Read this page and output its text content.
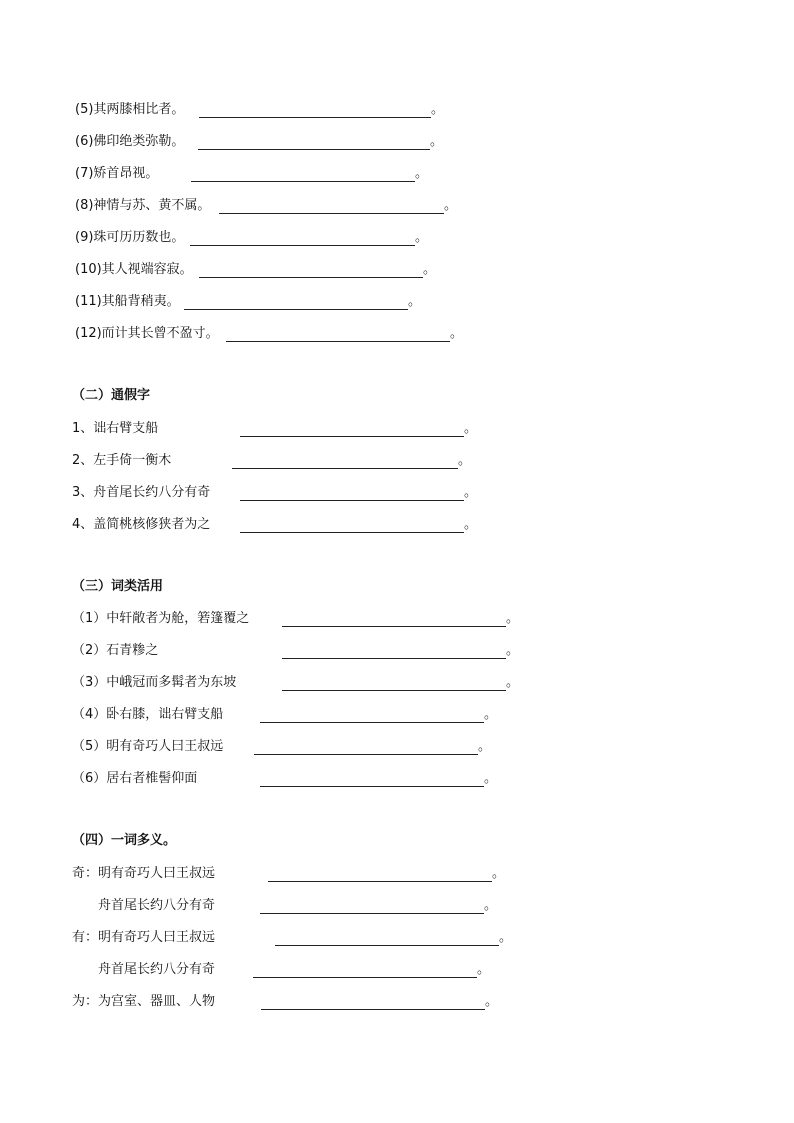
(5)其两膝相比者。	。
(6)佛印绝类弥勒。	。
(7)矫首昂视。	。
(8)神情与苏、黄不属。	。
(9)珠可历历数也。	。
(10)其人视端容寂。	。
(11)其船背稍夷。	。
(12)而计其长曾不盈寸。	。
（二）通假字
1、诎右臂支船	。
2、左手倚一衡木	。
3、舟首尾长约八分有奇	。
4、盖简桃核修狭者为之	。
（三）词类活用
（1）中轩敞者为舱，箬篷覆之	。
（2）石青糁之	。
（3）中峨冠而多髯者为东坡	。
（4）卧右膝，诎右臂支船	。
（5）明有奇巧人曰王叔远	。
（6）居右者椎髻仰面	。
（四）一词多义。
奇：明有奇巧人曰王叔远	。
舟首尾长约八分有奇	。
有：明有奇巧人曰王叔远	。
舟首尾长约八分有奇	。
为：为宫室、器皿、人物	。
